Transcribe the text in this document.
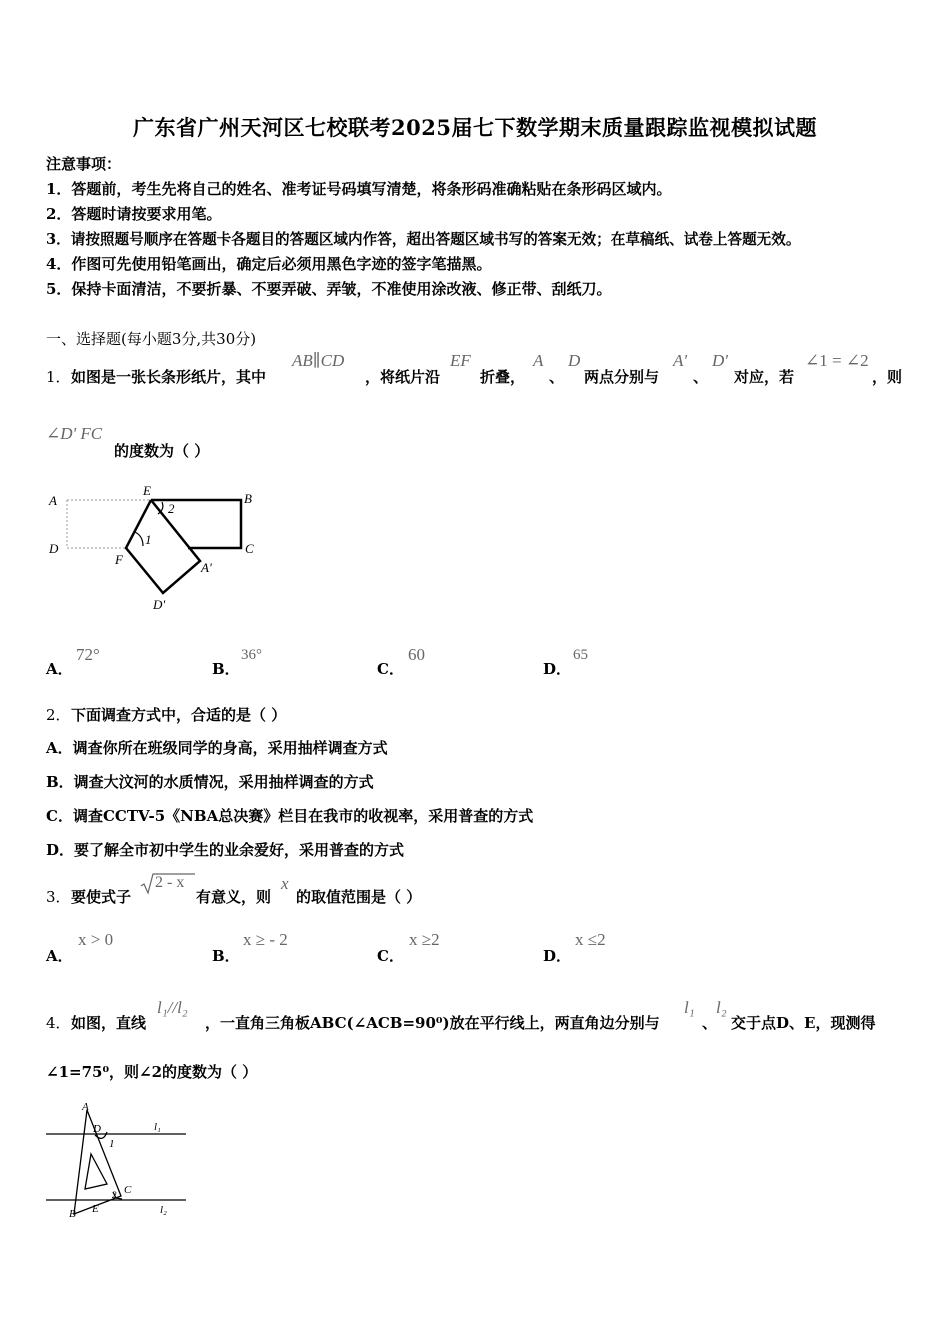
广东省广州天河区七校联考2025届七下数学期末质量跟踪监视模拟试题
注意事项：
1．答题前，考生先将自己的姓名、准考证号码填写清楚，将条形码准确粘贴在条形码区域内。
2．答题时请按要求用笔。
3．请按照题号顺序在答题卡各题目的答题区域内作答，超出答题区域书写的答案无效；在草稿纸、试卷上答题无效。
4．作图可先使用铅笔画出，确定后必须用黑色字迹的签字笔描黑。
5．保持卡面清洁，不要折暴、不要弄破、弄皱，不准使用涂改液、修正带、刮纸刀。
一、选择题(每小题3分,共30分)
1． 如图是一张长条形纸片，其中
AB∥CD
，将纸片沿
EF
折叠，
A
、
D
两点分别与
A'
、
D'
对应，若
∠1 = ∠2
，则
∠D' FC
的度数为（ ）
A
D
E
B
C
F
A'
D'
2
1
A．
72°
B．
36°
C．
60
D．
65
2． 下面调查方式中，合适的是（ ）
A．调查你所在班级同学的身高，采用抽样调查方式
B．调查大汶河的水质情况，采用抽样调查的方式
C．调查CCTV-5《NBA总决赛》栏目在我市的收视率，采用普查的方式
D．要了解全市初中学生的业余爱好，采用普查的方式
3． 要使式子
2 - x
有意义，则
x
的取值范围是（ ）
A．
x > 0
B．
x ≥ - 2
C．
x ≥2
D．
x ≤2
4． 如图，直线
l₁//l₂
，一直角三角板ABC(∠ACB=90⁰)放在平行线上，两直角边分别与
l₁
、
l₂
交于点D、E，现测得
∠1=75⁰，则∠2的度数为（ ）
A
D
1
l₁
C
2
B E	l₂
